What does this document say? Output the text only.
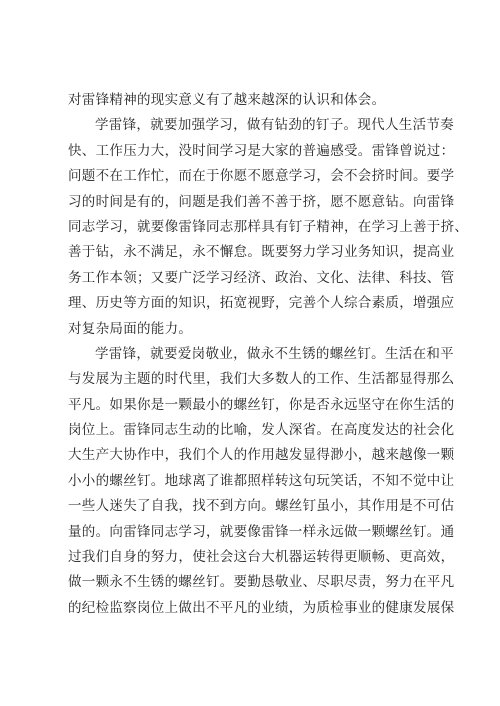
对雷锋精神的现实意义有了越来越深的认识和体会。
学雷锋，就要加强学习，做有钻劲的钉子。现代人生活节奏
快、工作压力大，没时间学习是大家的普遍感受。雷锋曾说过：
问题不在工作忙，而在于你愿不愿意学习，会不会挤时间。要学
习的时间是有的，问题是我们善不善于挤，愿不愿意钻。向雷锋
同志学习，就要像雷锋同志那样具有钉子精神，在学习上善于挤、
善于钻，永不满足，永不懈怠。既要努力学习业务知识，提高业
务工作本领；又要广泛学习经济、政治、文化、法律、科技、管
理、历史等方面的知识，拓宽视野，完善个人综合素质，增强应
对复杂局面的能力。
学雷锋，就要爱岗敬业，做永不生锈的螺丝钉。生活在和平
与发展为主题的时代里，我们大多数人的工作、生活都显得那么
平凡。如果你是一颗最小的螺丝钉，你是否永远坚守在你生活的
岗位上。雷锋同志生动的比喻，发人深省。在高度发达的社会化
大生产大协作中，我们个人的作用越发显得渺小，越来越像一颗
小小的螺丝钉。地球离了谁都照样转这句玩笑话，不知不觉中让
一些人迷失了自我，找不到方向。螺丝钉虽小，其作用是不可估
量的。向雷锋同志学习，就要像雷锋一样永远做一颗螺丝钉。通
过我们自身的努力，使社会这台大机器运转得更顺畅、更高效，
做一颗永不生锈的螺丝钉。要勤恳敬业、尽职尽责，努力在平凡
的纪检监察岗位上做出不平凡的业绩，为质检事业的健康发展保
